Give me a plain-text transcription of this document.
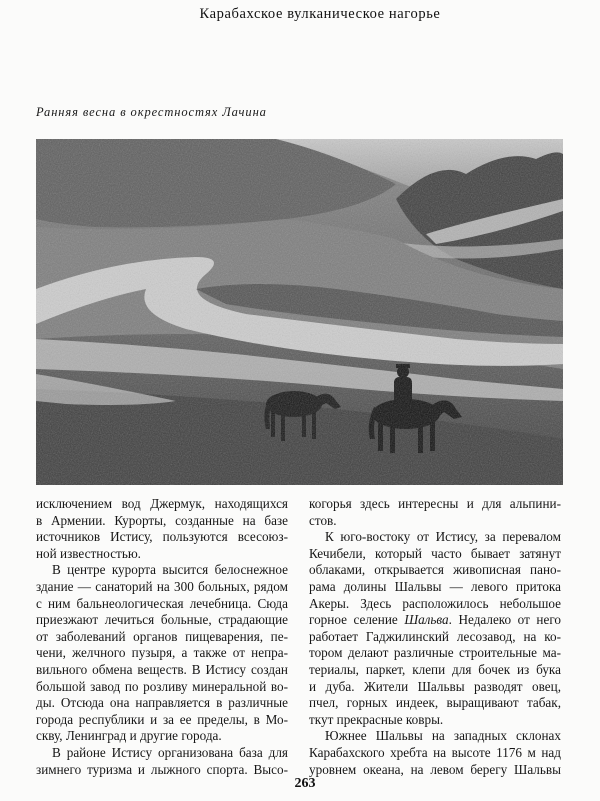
Карабахское вулканическое нагорье
Ранняя весна в окрестностях Лачина
исключением вод Джермук, находящихся
в Армении. Курорты, созданные на базе
источников Истису, пользуются всесоюз-
ной известностью.
В центре курорта высится белоснежное
здание — санаторий на 300 больных, рядом
с ним бальнеологическая лечебница. Сюда
приезжают лечиться больные, страдающие
от заболеваний органов пищеварения, пе-
чени, желчного пузыря, а также от непра-
вильного обмена веществ. В Истису создан
большой завод по розливу минеральной во-
ды. Отсюда она направляется в различные
города республики и за ее пределы, в Мо-
скву, Ленинград и другие города.
В районе Истису организована база для
зимнего туризма и лыжного спорта. Высо-
когорья здесь интересны и для альпини-
стов.
К юго-востоку от Истису, за перевалом
Кечибели, который часто бывает затянут
облаками, открывается живописная пано-
рама долины Шальвы — левого притока
Акеры. Здесь расположилось небольшое
горное селение Шальва. Недалеко от него
работает Гаджилинский лесозавод, на ко-
тором делают различные строительные ма-
териалы, паркет, клепи для бочек из бука
и дуба. Жители Шальвы разводят овец,
пчел, горных индеек, выращивают табак,
ткут прекрасные ковры.
Южнее Шальвы на западных склонах
Карабахского хребта на высоте 1176 м над
уровнем океана, на левом берегу Шальвы
263
